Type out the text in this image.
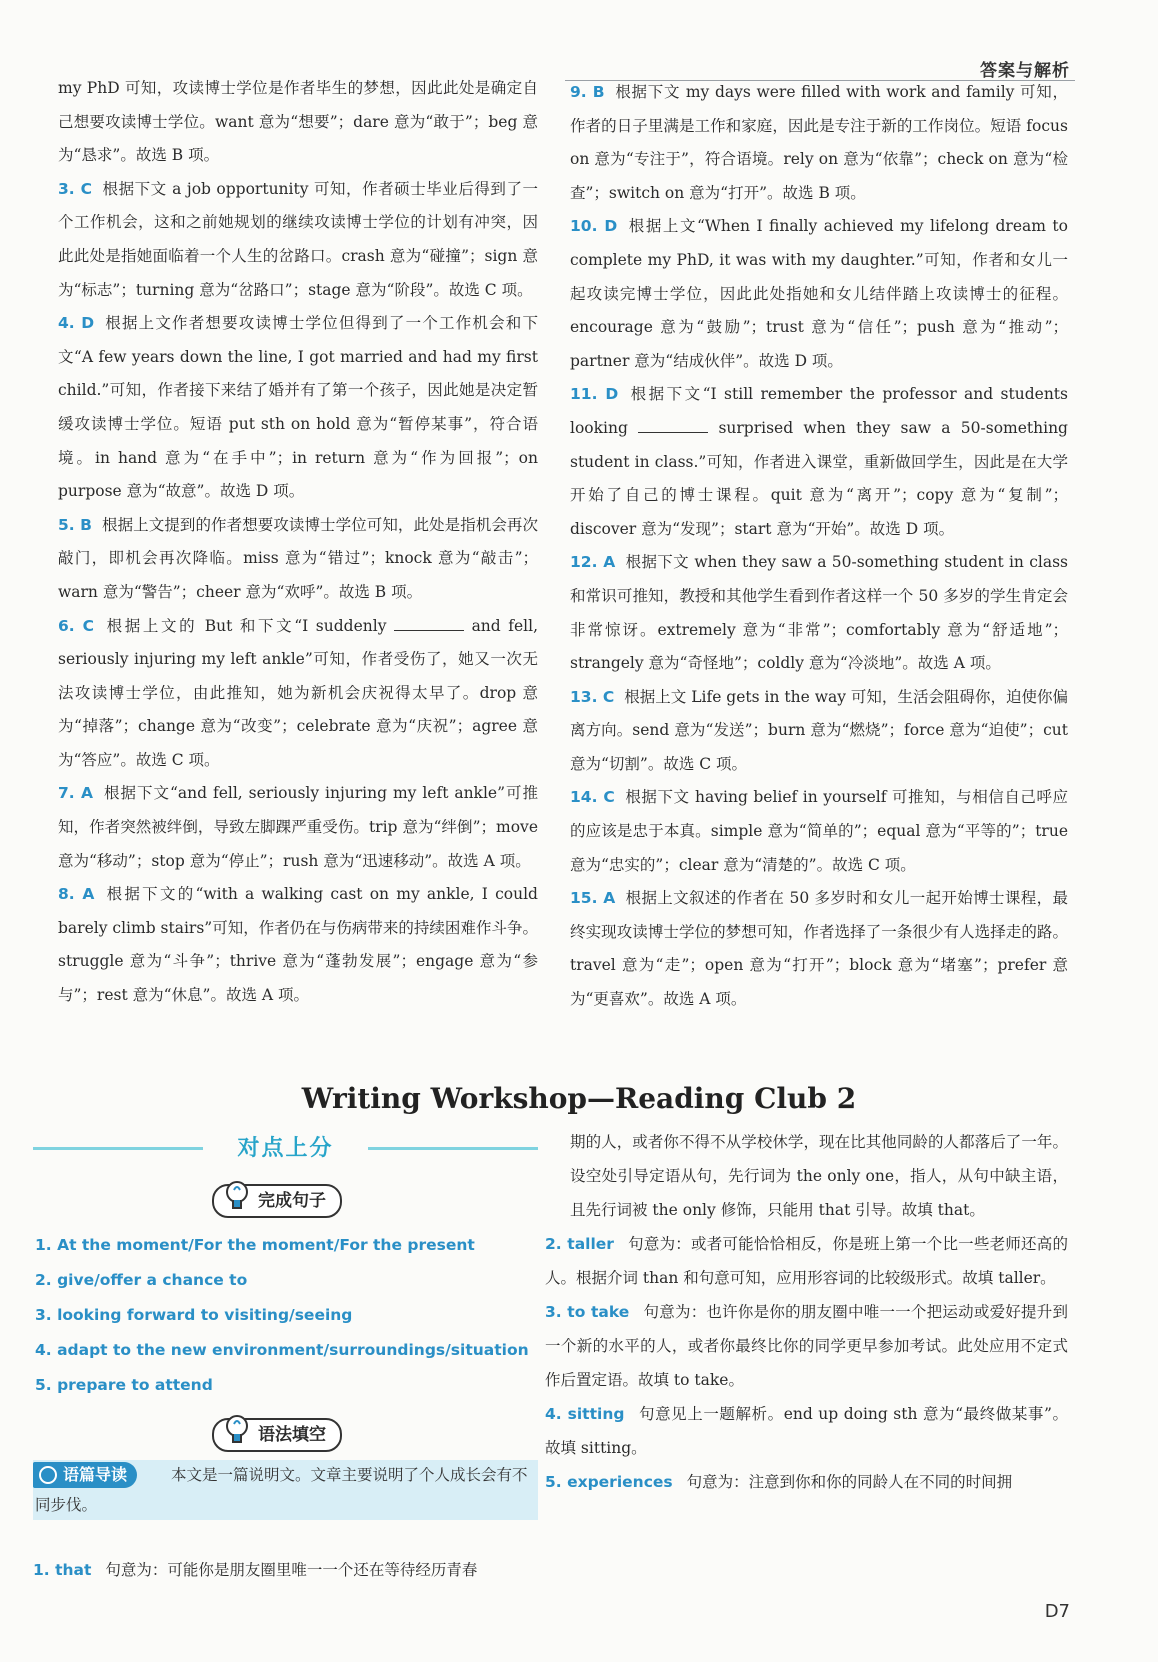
答案与解析
my PhD 可知，攻读博士学位是作者毕生的梦想，因此此处是确定自己想要攻读博士学位。want 意为“想要”；dare 意为“敢于”；beg 意为“恳求”。故选 B 项。
3. C 根据下文 a job opportunity 可知，作者硕士毕业后得到了一个工作机会，这和之前她规划的继续攻读博士学位的计划有冲突，因此此处是指她面临着一个人生的岔路口。crash 意为“碰撞”；sign 意为“标志”；turning 意为“岔路口”；stage 意为“阶段”。故选 C 项。
4. D 根据上文作者想要攻读博士学位但得到了一个工作机会和下文“A few years down the line, I got married and had my first child.”可知，作者接下来结了婚并有了第一个孩子，因此她是决定暂缓攻读博士学位。短语 put sth on hold 意为“暂停某事”，符合语境。in hand 意为“在手中”；in return 意为“作为回报”；on purpose 意为“故意”。故选 D 项。
5. B 根据上文提到的作者想要攻读博士学位可知，此处是指机会再次敲门，即机会再次降临。miss 意为“错过”；knock 意为“敲击”；warn 意为“警告”；cheer 意为“欢呼”。故选 B 项。
6. C 根据上文的 But 和下文“I suddenly	and fell, seriously injuring my left ankle”可知，作者受伤了，她又一次无法攻读博士学位，由此推知，她为新机会庆祝得太早了。drop 意为“掉落”；change 意为“改变”；celebrate 意为“庆祝”；agree 意为“答应”。故选 C 项。
7. A 根据下文“and fell, seriously injuring my left ankle”可推知，作者突然被绊倒，导致左脚踝严重受伤。trip 意为“绊倒”；move 意为“移动”；stop 意为“停止”；rush 意为“迅速移动”。故选 A 项。
8. A 根据下文的“with a walking cast on my ankle, I could barely climb stairs”可知，作者仍在与伤病带来的持续困难作斗争。struggle 意为“斗争”；thrive 意为“蓬勃发展”；engage 意为“参与”；rest 意为“休息”。故选 A 项。
9. B 根据下文 my days were filled with work and family 可知，作者的日子里满是工作和家庭，因此是专注于新的工作岗位。短语 focus on 意为“专注于”，符合语境。rely on 意为“依靠”；check on 意为“检查”；switch on 意为“打开”。故选 B 项。
10. D 根据上文“When I finally achieved my lifelong dream to complete my PhD, it was with my daughter.”可知，作者和女儿一起攻读完博士学位，因此此处指她和女儿结伴踏上攻读博士的征程。encourage 意为“鼓励”；trust 意为“信任”；push 意为“推动”；partner 意为“结成伙伴”。故选 D 项。
11. D 根据下文“I still remember the professor and students looking	surprised when they saw a 50-something student in class.”可知，作者进入课堂，重新做回学生，因此是在大学开始了自己的博士课程。quit 意为“离开”；copy 意为“复制”；discover 意为“发现”；start 意为“开始”。故选 D 项。
12. A 根据下文 when they saw a 50-something student in class 和常识可推知，教授和其他学生看到作者这样一个 50 多岁的学生肯定会非常惊讶。extremely 意为“非常”；comfortably 意为“舒适地”；strangely 意为“奇怪地”；coldly 意为“冷淡地”。故选 A 项。
13. C 根据上文 Life gets in the way 可知，生活会阻碍你，迫使你偏离方向。send 意为“发送”；burn 意为“燃烧”；force 意为“迫使”；cut 意为“切割”。故选 C 项。
14. C 根据下文 having belief in yourself 可推知，与相信自己呼应的应该是忠于本真。simple 意为“简单的”；equal 意为“平等的”；true 意为“忠实的”；clear 意为“清楚的”。故选 C 项。
15. A 根据上文叙述的作者在 50 多岁时和女儿一起开始博士课程，最终实现攻读博士学位的梦想可知，作者选择了一条很少有人选择走的路。travel 意为“走”；open 意为“打开”；block 意为“堵塞”；prefer 意为“更喜欢”。故选 A 项。
Writing Workshop—Reading Club 2
对点上分
完成句子
1. At the moment/For the moment/For the present
2. give/offer a chance to
3. looking forward to visiting/seeing
4. adapt to the new environment/surroundings/situation
5. prepare to attend
语法填空
本文是一篇说明文。文章主要说明了个人成长会有不同步伐。
语篇导读
1. that 句意为：可能你是朋友圈里唯一一个还在等待经历青春
期的人，或者你不得不从学校休学，现在比其他同龄的人都落后了一年。设空处引导定语从句，先行词为 the only one，指人，从句中缺主语，且先行词被 the only 修饰，只能用 that 引导。故填 that。
2. taller 句意为：或者可能恰恰相反，你是班上第一个比一些老师还高的人。根据介词 than 和句意可知，应用形容词的比较级形式。故填 taller。
3. to take 句意为：也许你是你的朋友圈中唯一一个把运动或爱好提升到一个新的水平的人，或者你最终比你的同学更早参加考试。此处应用不定式作后置定语。故填 to take。
4. sitting 句意见上一题解析。end up doing sth 意为“最终做某事”。故填 sitting。
5. experiences 句意为：注意到你和你的同龄人在不同的时间拥
D7
